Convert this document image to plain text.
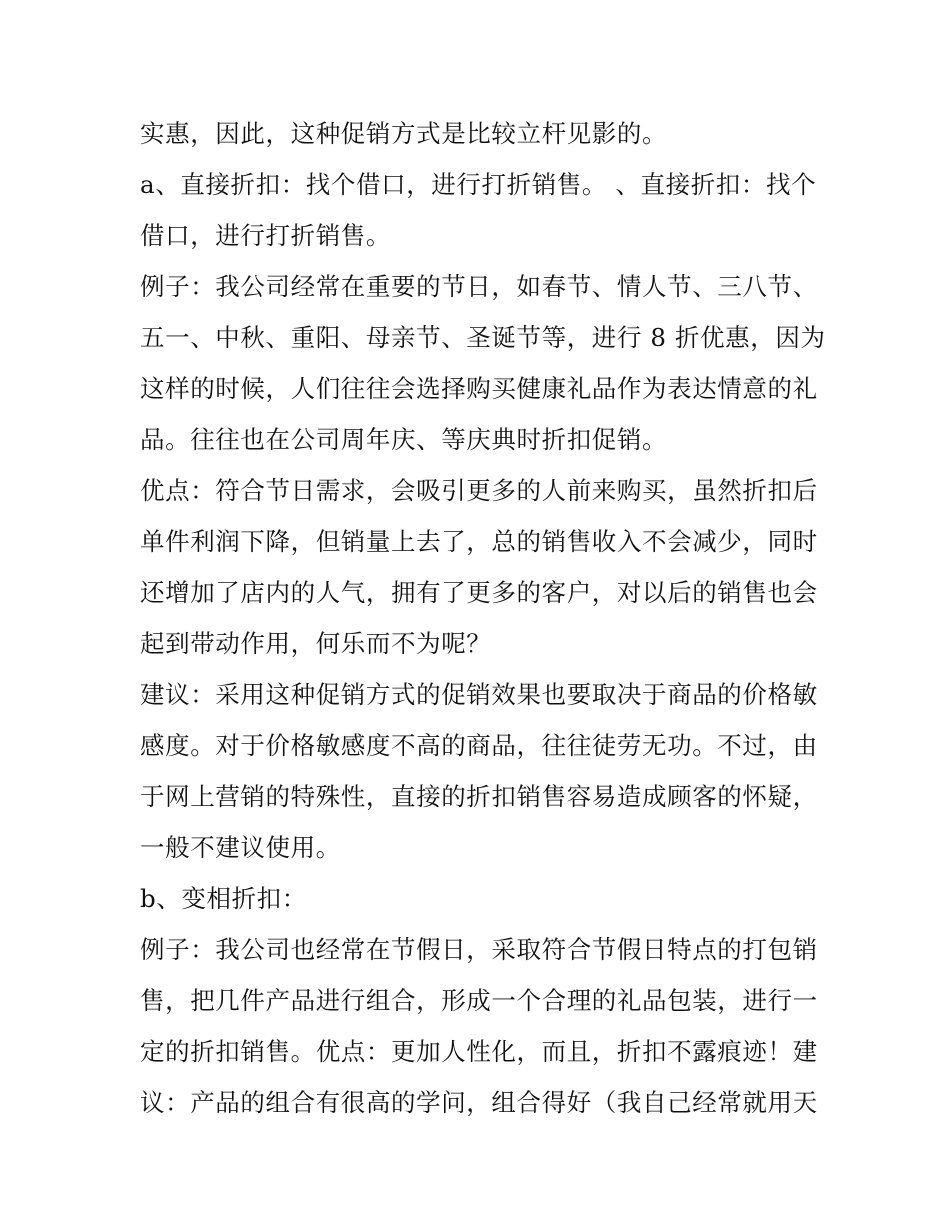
实惠，因此，这种促销方式是比较立杆见影的。
a、直接折扣：找个借口，进行打折销售。 、直接折扣：找个
借口，进行打折销售。
例子：我公司经常在重要的节日，如春节、情人节、三八节、
五一、中秋、重阳、母亲节、圣诞节等，进行 8 折优惠，因为
这样的时候，人们往往会选择购买健康礼品作为表达情意的礼
品。往往也在公司周年庆、等庆典时折扣促销。
优点：符合节日需求，会吸引更多的人前来购买，虽然折扣后
单件利润下降，但销量上去了，总的销售收入不会减少，同时
还增加了店内的人气，拥有了更多的客户，对以后的销售也会
起到带动作用，何乐而不为呢？
建议：采用这种促销方式的促销效果也要取决于商品的价格敏
感度。对于价格敏感度不高的商品，往往徒劳无功。不过，由
于网上营销的特殊性，直接的折扣销售容易造成顾客的怀疑，
一般不建议使用。
b、变相折扣：
例子：我公司也经常在节假日，采取符合节假日特点的打包销
售，把几件产品进行组合，形成一个合理的礼品包装，进行一
定的折扣销售。优点：更加人性化，而且，折扣不露痕迹！建
议：产品的组合有很高的学问，组合得好（我自己经常就用天
